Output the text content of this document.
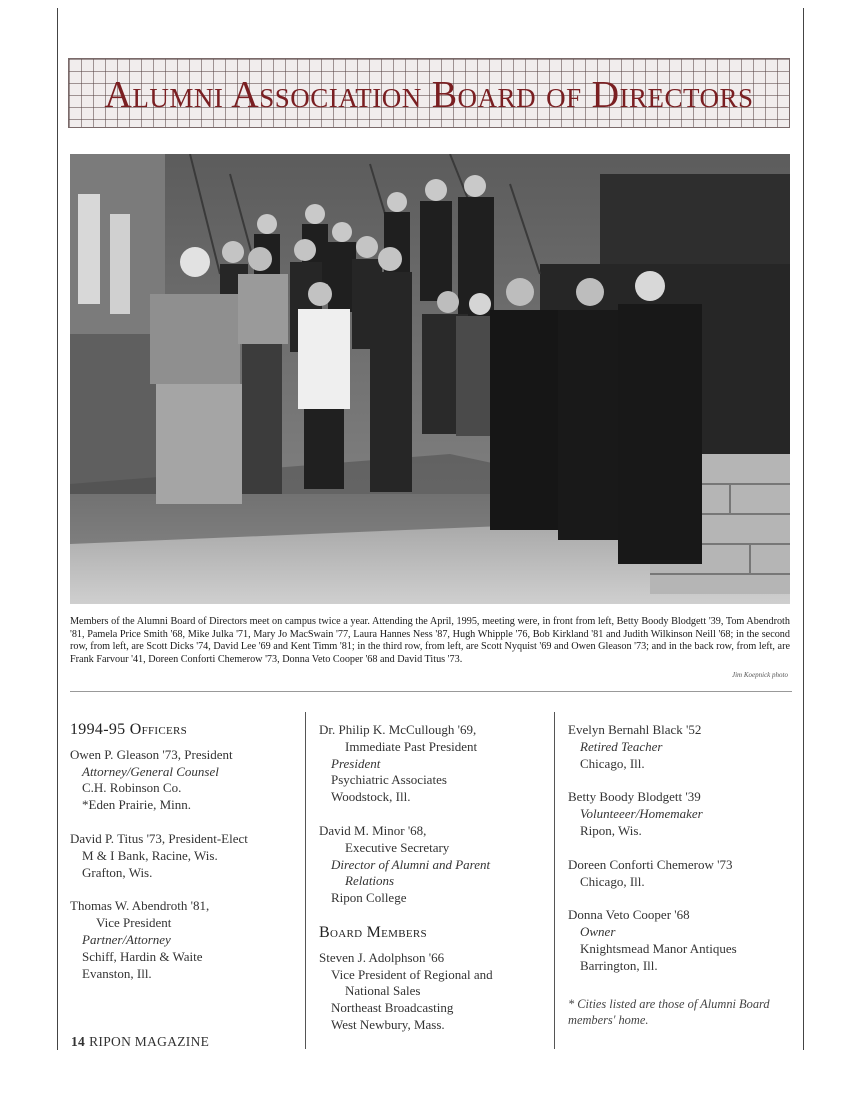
Alumni Association Board of Directors
Members of the Alumni Board of Directors meet on campus twice a year. Attending the April, 1995, meeting were, in front from left, Betty Boody Blodgett '39, Tom Abendroth '81, Pamela Price Smith '68, Mike Julka '71, Mary Jo MacSwain '77, Laura Hannes Ness '87, Hugh Whipple '76, Bob Kirkland '81 and Judith Wilkinson Neill '68; in the second row, from left, are Scott Dicks '74, David Lee '69 and Kent Timm '81; in the third row, from left, are Scott Nyquist '69 and Owen Gleason '73; and in the back row, from left, are Frank Farvour '41, Doreen Conforti Chemerow '73, Donna Veto Cooper '68 and David Titus '73.
Jim Koepnick photo
1994-95 Officers
Owen P. Gleason '73, President
Attorney/General Counsel
C.H. Robinson Co.
*Eden Prairie, Minn.
David P. Titus '73, President-Elect
M & I Bank, Racine, Wis.
Grafton, Wis.
Thomas W. Abendroth '81,
Vice President
Partner/Attorney
Schiff, Hardin & Waite
Evanston, Ill.
Dr. Philip K. McCullough '69,
Immediate Past President
President
Psychiatric Associates
Woodstock, Ill.
David M. Minor '68,
Executive Secretary
Director of Alumni and Parent
Relations
Ripon College
Board Members
Steven J. Adolphson '66
Vice President of Regional and
National Sales
Northeast Broadcasting
West Newbury, Mass.
Evelyn Bernahl Black '52
Retired Teacher
Chicago, Ill.
Betty Boody Blodgett '39
Volunteeer/Homemaker
Ripon, Wis.
Doreen Conforti Chemerow '73
Chicago, Ill.
Donna Veto Cooper '68
Owner
Knightsmead Manor Antiques
Barrington, Ill.
* Cities listed are those of Alumni Board members' home.
14 RIPON MAGAZINE
